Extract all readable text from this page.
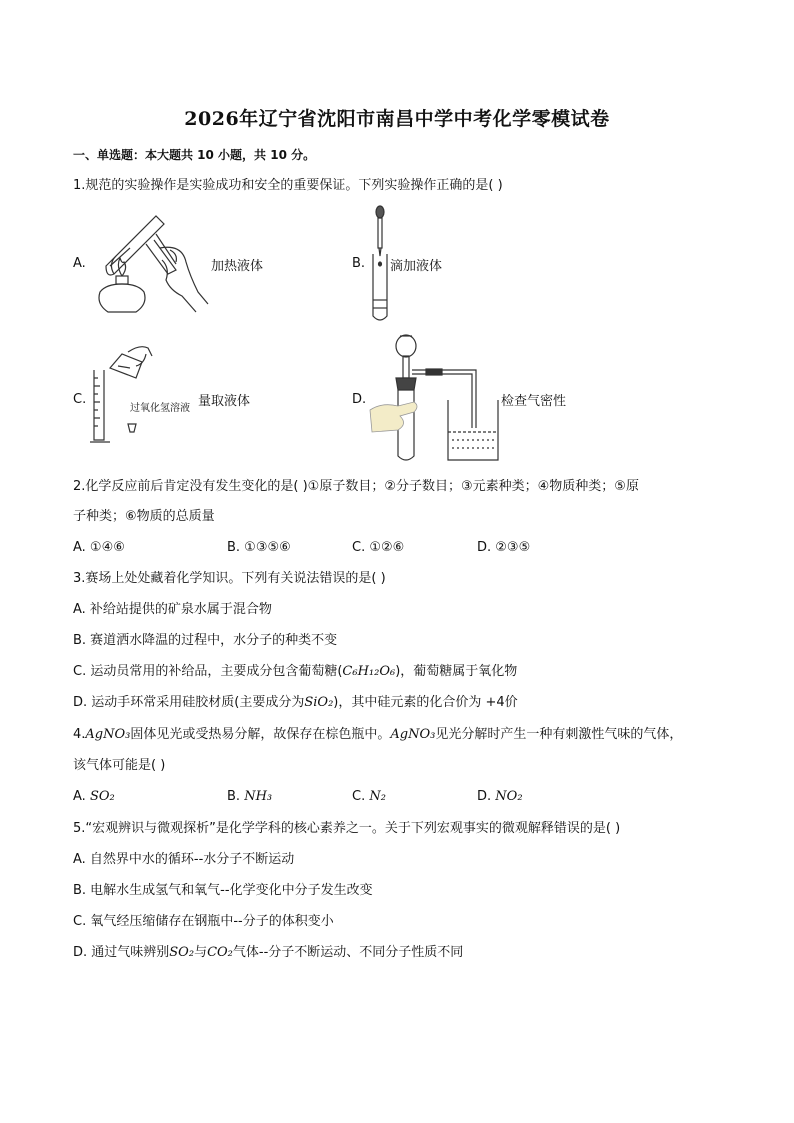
2026年辽宁省沈阳市南昌中学中考化学零模试卷
一、单选题：本大题共 10 小题，共 10 分。
1.规范的实验操作是实验成功和安全的重要保证。下列实验操作正确的是( )
A.	加热液体	B. 滴加液体
C.
过氧化氢溶液 量取液体	D.	检查气密性
2.化学反应前后肯定没有发生变化的是( )①原子数目；②分子数目；③元素种类；④物质种类；⑤原
子种类；⑥物质的总质量
A. ①④⑥	B. ①③⑤⑥	C. ①②⑥	D. ②③⑤
3.赛场上处处藏着化学知识。下列有关说法错误的是( )
A. 补给站提供的矿泉水属于混合物
B. 赛道洒水降温的过程中，水分子的种类不变
C. 运动员常用的补给品，主要成分包含葡萄糖(C₆H₁₂O₆)，葡萄糖属于氧化物
D. 运动手环常采用硅胶材质(主要成分为SiO₂)，其中硅元素的化合价为 +4价
4.AgNO₃固体见光或受热易分解，故保存在棕色瓶中。AgNO₃见光分解时产生一种有刺激性气味的气体，
该气体可能是( )
A. SO₂	B. NH₃	C. N₂	D. NO₂
5.“宏观辨识与微观探析”是化学学科的核心素养之一。关于下列宏观事实的微观解释错误的是( )
A. 自然界中水的循环--水分子不断运动
B. 电解水生成氢气和氧气--化学变化中分子发生改变
C. 氧气经压缩储存在钢瓶中--分子的体积变小
D. 通过气味辨别SO₂与CO₂气体--分子不断运动、不同分子性质不同
